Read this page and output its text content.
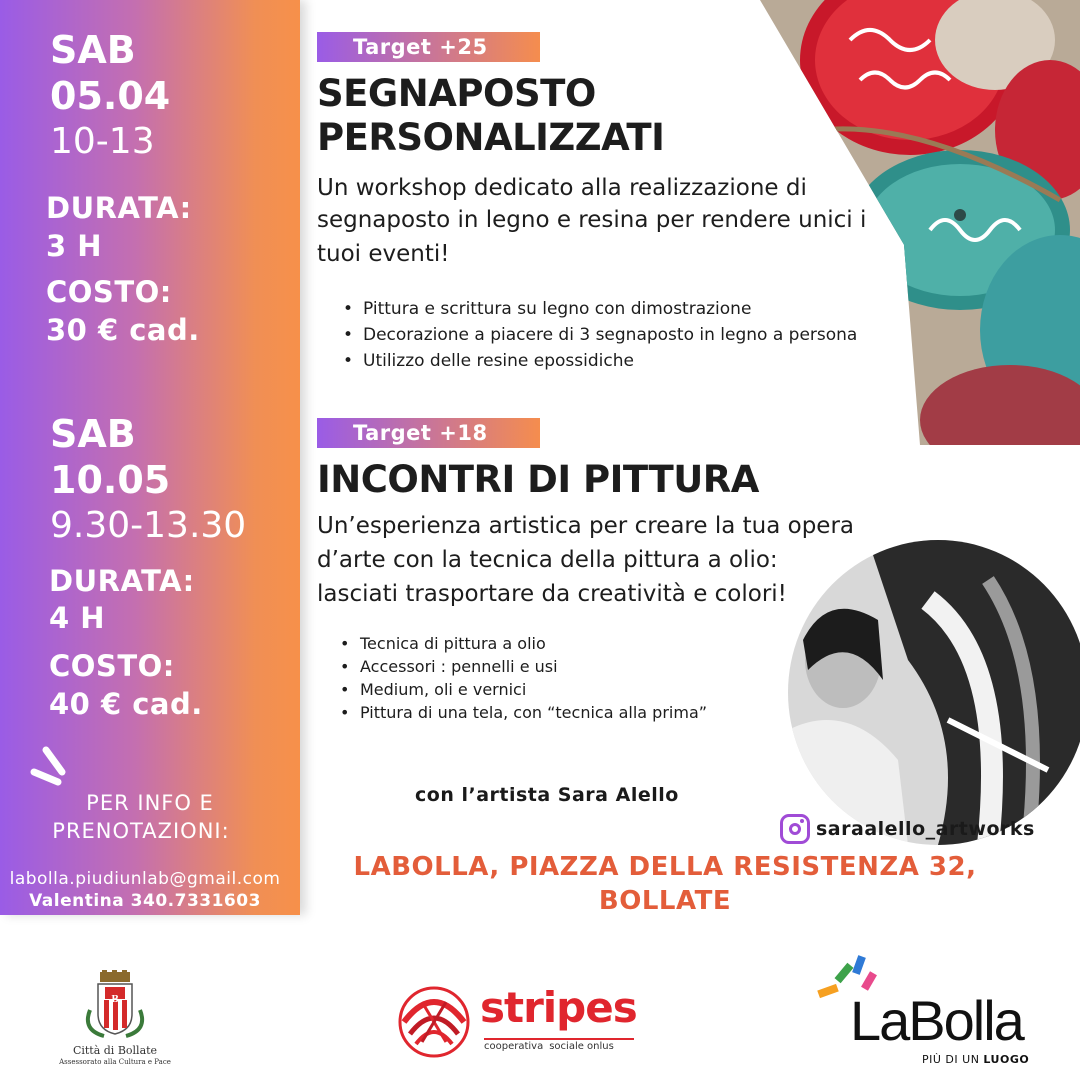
SAB
05.04
10-13
DURATA:
3 H
COSTO:
30 € cad.
SAB
10.05
9.30-13.30
DURATA:
4 H
COSTO:
40 € cad.
PER INFO E
PRENOTAZIONI:
labolla.piudiunlab@gmail.com
Valentina 340.7331603
Target +25
SEGNAPOSTO
PERSONALIZZATI
Un workshop dedicato alla realizzazione di
segnaposto in legno e resina per rendere unici i
tuoi eventi!
• Pittura e scrittura su legno con dimostrazione
• Decorazione a piacere di 3 segnaposto in legno a persona
• Utilizzo delle resine epossidiche
Target +18
INCONTRI DI PITTURA
Un’esperienza artistica per creare la tua opera
d’arte con la tecnica della pittura a olio:
lasciati trasportare da creatività e colori!
• Tecnica di pittura a olio
• Accessori : pennelli e usi
• Medium, oli e vernici
• Pittura di una tela, con “tecnica alla prima”
con l’artista Sara Alello
saraalello_artworks
LABOLLA, PIAZZA DELLA RESISTENZA 32,
BOLLATE
B
Città di Bollate
Assessorato alla Cultura e Pace
stripes
cooperativa sociale onlus	LaBolla
PIÙ DI UN LUOGO
